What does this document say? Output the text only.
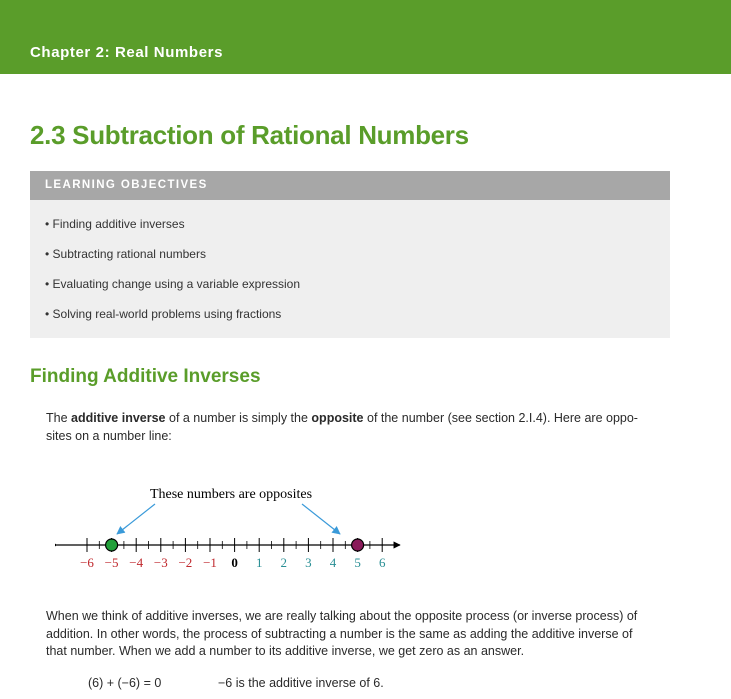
Chapter 2: Real Numbers
2.3 Subtraction of Rational Numbers
LEARNING OBJECTIVES
• Finding additive inverses
• Subtracting rational numbers
• Evaluating change using a variable expression
• Solving real-world problems using fractions
Finding Additive Inverses
The additive inverse of a number is simply the opposite of the number (see section 2.I.4). Here are oppo-
sites on a number line:
These numbers are opposites
−6 −5 −4 −3 −2 −1 0 1 2 3 4 5 6
When we think of additive inverses, we are really talking about the opposite process (or inverse process) of
addition. In other words, the process of subtracting a number is the same as adding the additive inverse of
that number. When we add a number to its additive inverse, we get zero as an answer.
(6) + (−6) = 0	−6 is the additive inverse of 6.
